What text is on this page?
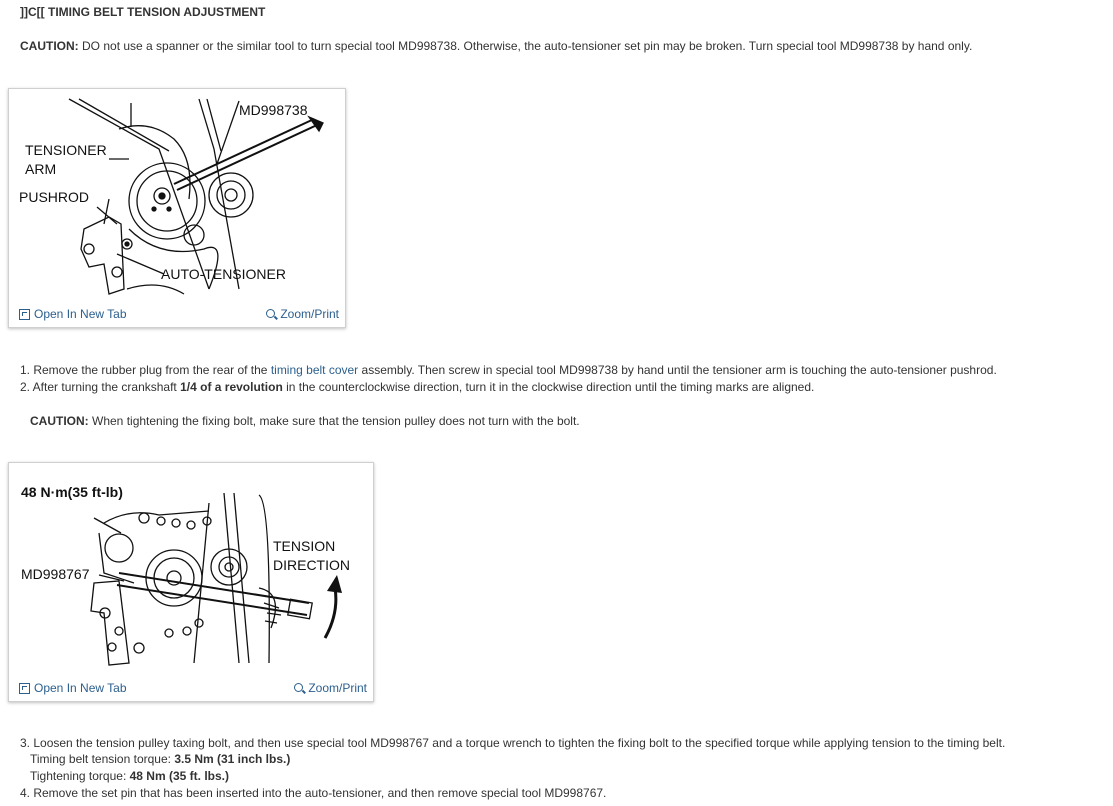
]]C[[ TIMING BELT TENSION ADJUSTMENT
CAUTION: DO not use a spanner or the similar tool to turn special tool MD998738. Otherwise, the auto-tensioner set pin may be broken. Turn special tool MD998738 by hand only.
MD998738
TENSIONER
ARM
PUSHROD
AUTO-TENSIONER
Open In New Tab	Zoom/Print
1. Remove the rubber plug from the rear of the timing belt cover assembly. Then screw in special tool MD998738 by hand until the tensioner arm is touching the auto-tensioner pushrod.
2. After turning the crankshaft 1/4 of a revolution in the counterclockwise direction, turn it in the clockwise direction until the timing marks are aligned.
CAUTION: When tightening the fixing bolt, make sure that the tension pulley does not turn with the bolt.
48 N·m(35 ft-lb)
MD998767
TENSION
DIRECTION
Open In New Tab	Zoom/Print
3. Loosen the tension pulley taxing bolt, and then use special tool MD998767 and a torque wrench to tighten the fixing bolt to the specified torque while applying tension to the timing belt.
Timing belt tension torque: 3.5 Nm (31 inch lbs.)
Tightening torque: 48 Nm (35 ft. lbs.)
4. Remove the set pin that has been inserted into the auto-tensioner, and then remove special tool MD998767.
